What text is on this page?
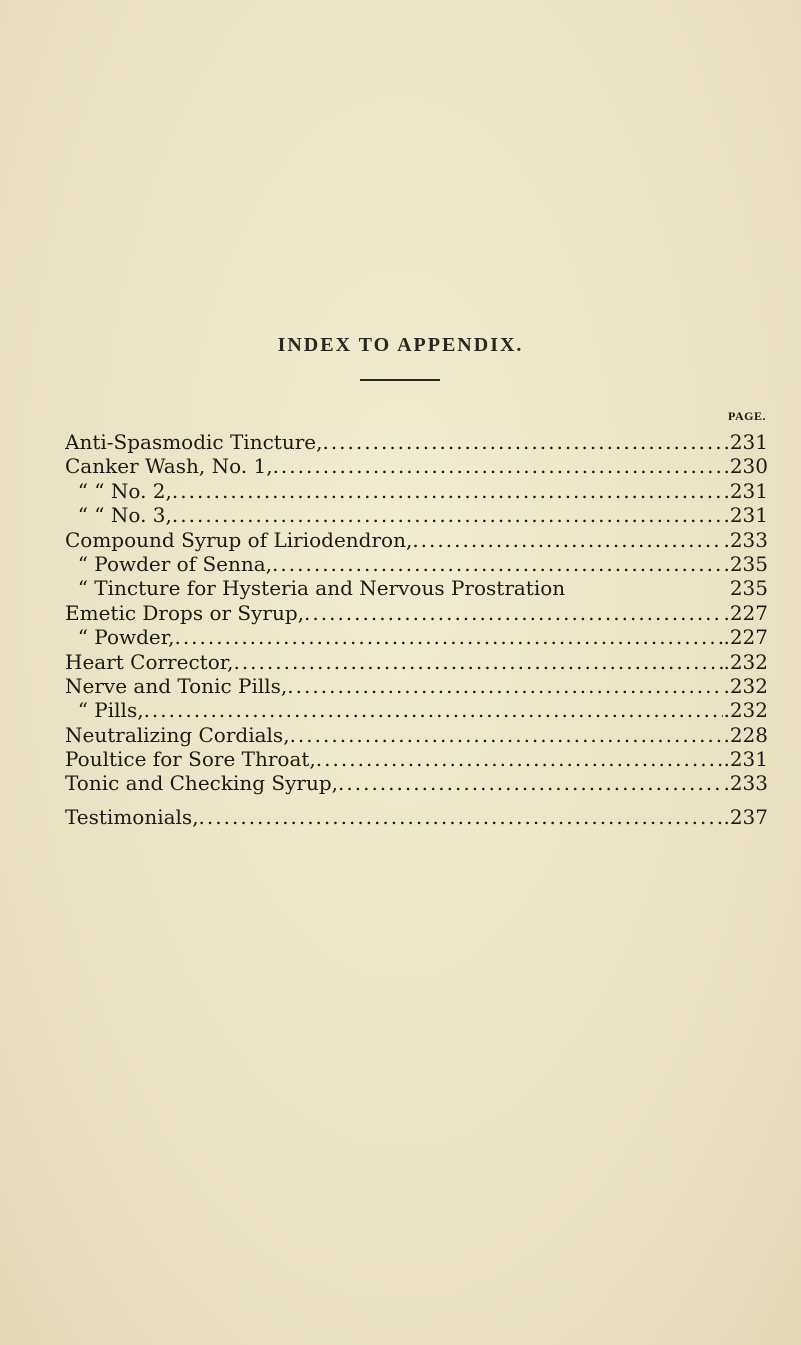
INDEX TO APPENDIX.
PAGE.
Anti-Spasmodic Tincture, .....	.231
Canker Wash, No. 1, .....	.230
“ “ No. 2, .....	.231
“ “ No. 3, .....	.231
Compound Syrup of Liriodendron, .....	.233
“ Powder of Senna, .....	.235
“ Tincture for Hysteria and Nervous Prostration	235
Emetic Drops or Syrup, .....	.227
“ Powder, .....	.227
Heart Corrector, .....	.232
Nerve and Tonic Pills, .....	.232
“ Pills, .....	.232
Neutralizing Cordials, .....	.228
Poultice for Sore Throat, .....	.231
Tonic and Checking Syrup, .....	.233
Testimonials, .....	.237
